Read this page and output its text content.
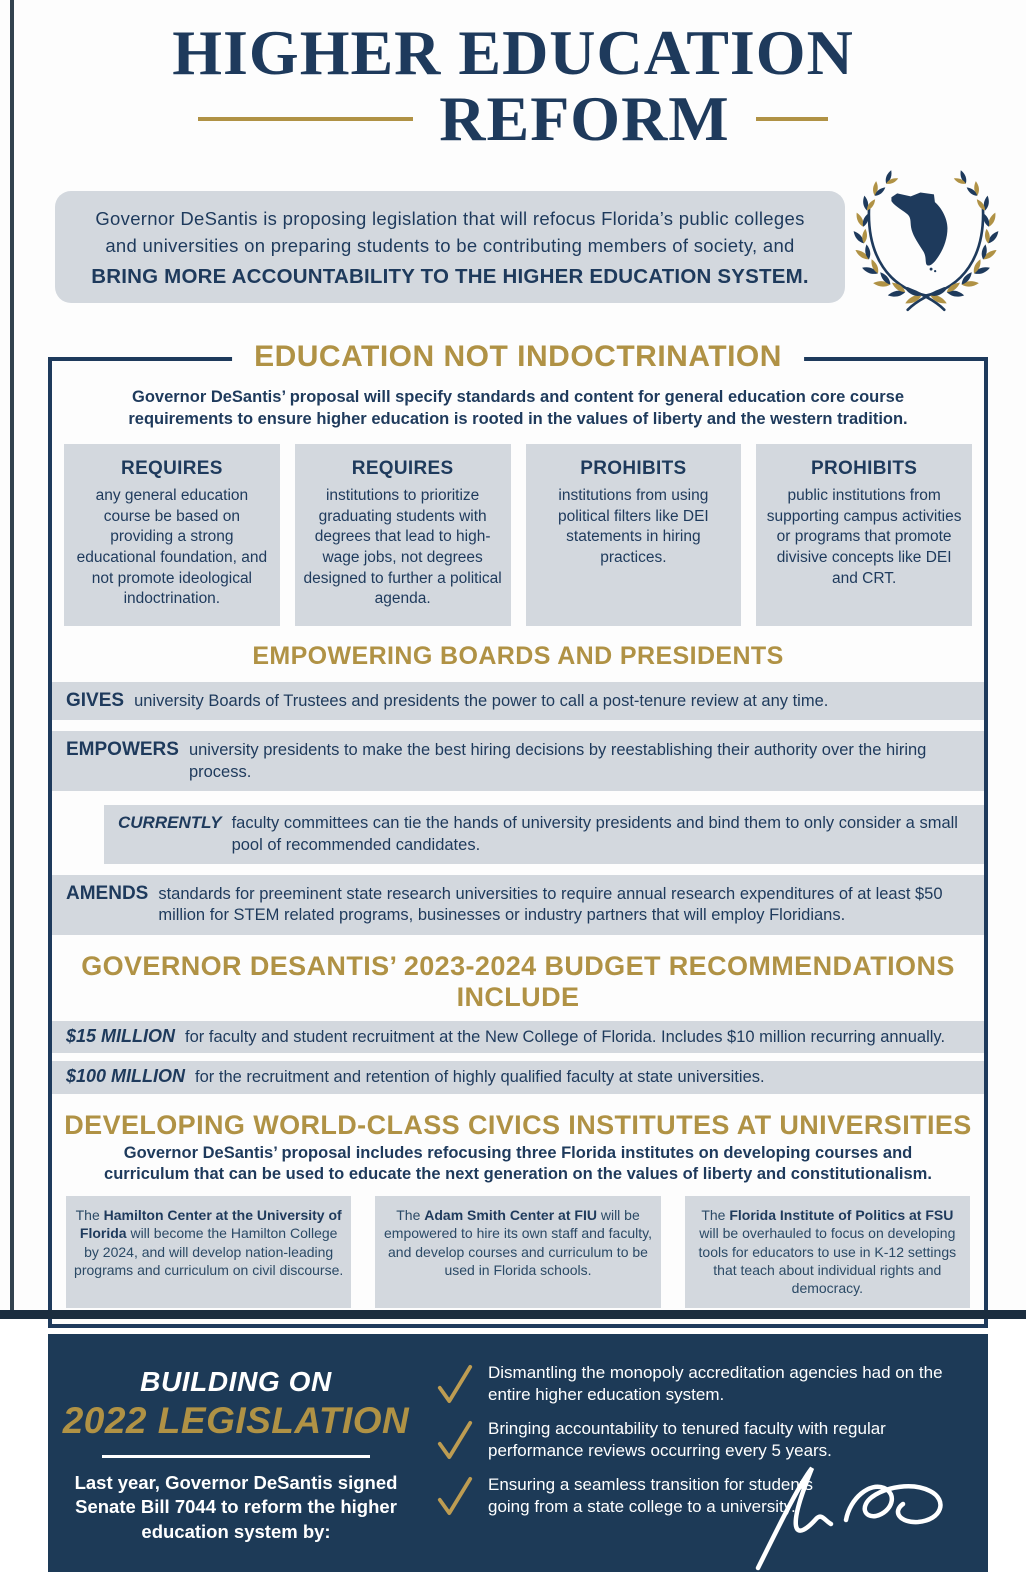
HIGHER EDUCATION
REFORM
Governor DeSantis is proposing legislation that will refocus Florida’s public colleges
and universities on preparing students to be contributing members of society, and
BRING MORE ACCOUNTABILITY TO THE HIGHER EDUCATION SYSTEM.
EDUCATION NOT INDOCTRINATION
Governor DeSantis’ proposal will specify standards and content for general education core course requirements to ensure higher education is rooted in the values of liberty and the western tradition.
REQUIRES

any general education course be based on providing a strong educational foundation, and not promote ideological indoctrination.

REQUIRES

institutions to prioritize graduating students with degrees that lead to high-wage jobs, not degrees designed to further a political agenda.

PROHIBITS

institutions from using political filters like DEI statements in hiring practices.

PROHIBITS

public institutions from supporting campus activities or programs that promote divisive concepts like DEI and CRT.

EMPOWERING BOARDS AND PRESIDENTS
GIVES university Boards of Trustees and presidents the power to call a post-tenure review at any time.
EMPOWERS university presidents to make the best hiring decisions by reestablishing their authority over the hiring process.
CURRENTLY faculty committees can tie the hands of university presidents and bind them to only consider a small pool of recommended candidates.
AMENDS standards for preeminent state research universities to require annual research expenditures of at least $50 million for STEM related programs, businesses or industry partners that will employ Floridians.
GOVERNOR DESANTIS’ 2023-2024 BUDGET RECOMMENDATIONS INCLUDE
$15 MILLION for faculty and student recruitment at the New College of Florida. Includes $10 million recurring annually.
$100 MILLION for the recruitment and retention of highly qualified faculty at state universities.
DEVELOPING WORLD-CLASS CIVICS INSTITUTES AT UNIVERSITIES
Governor DeSantis’ proposal includes refocusing three Florida institutes on developing courses and curriculum that can be used to educate the next generation on the values of liberty and constitutionalism.
The Hamilton Center at the University of Florida will become the Hamilton College by 2024, and will develop nation-leading programs and curriculum on civil discourse.
The Adam Smith Center at FIU will be empowered to hire its own staff and faculty, and develop courses and curriculum to be used in Florida schools.
The Florida Institute of Politics at FSU will be overhauled to focus on developing tools for educators to use in K-12 settings that teach about individual rights and democracy.
BUILDING ON
2022 LEGISLATION

Last year, Governor DeSantis signed Senate Bill 7044 to reform the higher education system by:

Dismantling the monopoly accreditation agencies had on the entire higher education system.
Bringing accountability to tenured faculty with regular performance reviews occurring every 5 years.
Ensuring a seamless transition for students going from a state college to a university.
